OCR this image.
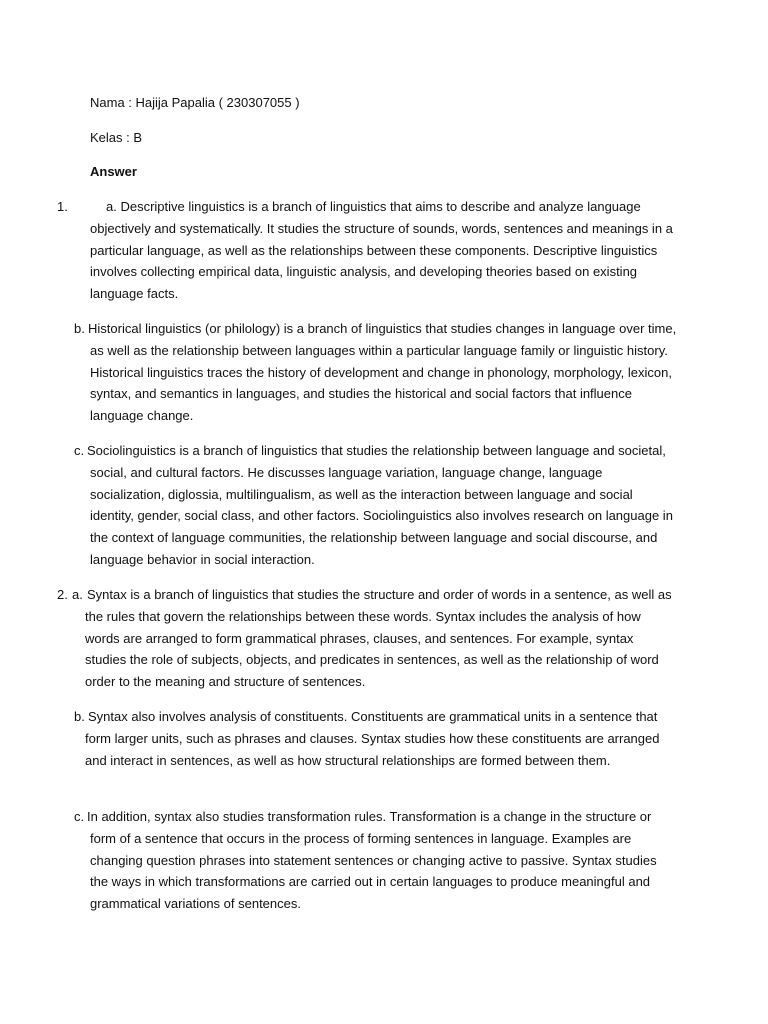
Nama : Hajija Papalia ( 230307055 )
Kelas : B
Answer
1.	a. Descriptive linguistics is a branch of linguistics that aims to describe and analyze language objectively and systematically. It studies the structure of sounds, words, sentences and meanings in a particular language, as well as the relationships between these components. Descriptive linguistics involves collecting empirical data, linguistic analysis, and developing theories based on existing language facts.
b. Historical linguistics (or philology) is a branch of linguistics that studies changes in language over time, as well as the relationship between languages within a particular language family or linguistic history. Historical linguistics traces the history of development and change in phonology, morphology, lexicon, syntax, and semantics in languages, and studies the historical and social factors that influence language change.
c. Sociolinguistics is a branch of linguistics that studies the relationship between language and societal, social, and cultural factors. He discusses language variation, language change, language socialization, diglossia, multilingualism, as well as the interaction between language and social identity, gender, social class, and other factors. Sociolinguistics also involves research on language in the context of language communities, the relationship between language and social discourse, and language behavior in social interaction.
2. a. Syntax is a branch of linguistics that studies the structure and order of words in a sentence, as well as the rules that govern the relationships between these words. Syntax includes the analysis of how words are arranged to form grammatical phrases, clauses, and sentences. For example, syntax studies the role of subjects, objects, and predicates in sentences, as well as the relationship of word order to the meaning and structure of sentences.
b. Syntax also involves analysis of constituents. Constituents are grammatical units in a sentence that form larger units, such as phrases and clauses. Syntax studies how these constituents are arranged and interact in sentences, as well as how structural relationships are formed between them.
c. In addition, syntax also studies transformation rules. Transformation is a change in the structure or form of a sentence that occurs in the process of forming sentences in language. Examples are changing question phrases into statement sentences or changing active to passive. Syntax studies the ways in which transformations are carried out in certain languages to produce meaningful and grammatical variations of sentences.
